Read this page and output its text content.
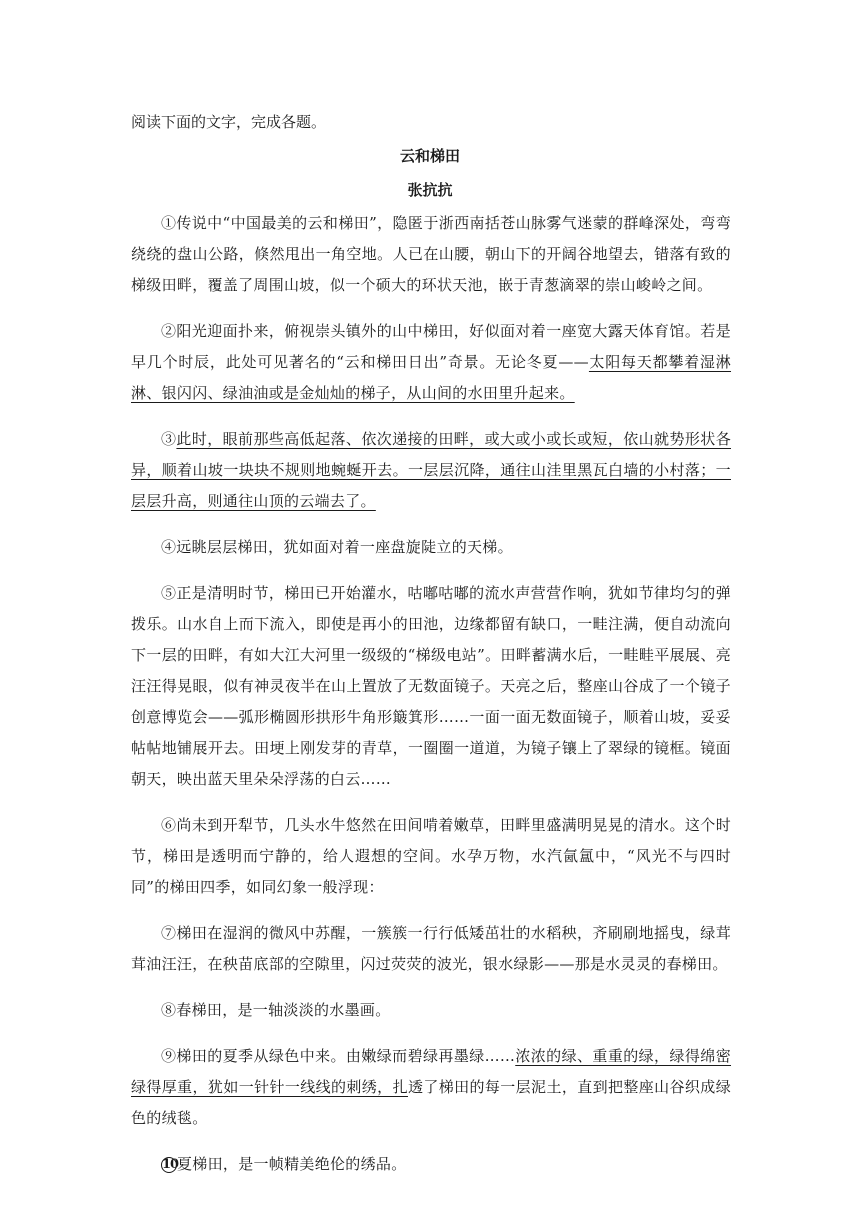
阅读下面的文字，完成各题。
云和梯田
张抗抗

①传说中“中国最美的云和梯田”，隐匿于浙西南括苍山脉雾气迷蒙的群峰深处，弯弯绕绕的盘山公路，倏然甩出一角空地。人已在山腰，朝山下的开阔谷地望去，错落有致的梯级田畔，覆盖了周围山坡，似一个硕大的环状天池，嵌于青葱滴翠的崇山峻岭之间。

②阳光迎面扑来，俯视崇头镇外的山中梯田，好似面对着一座宽大露天体育馆。若是早几个时辰，此处可见著名的“云和梯田日出”奇景。无论冬夏——太阳每天都攀着湿淋淋、银闪闪、绿油油或是金灿灿的梯子，从山间的水田里升起来。

③此时，眼前那些高低起落、依次递接的田畔，或大或小或长或短，依山就势形状各异，顺着山坡一块块不规则地蜿蜒开去。一层层沉降，通往山洼里黑瓦白墙的小村落；一层层升高，则通往山顶的云端去了。

④远眺层层梯田，犹如面对着一座盘旋陡立的天梯。

⑤正是清明时节，梯田已开始灌水，咕嘟咕嘟的流水声营营作响，犹如节律均匀的弹拨乐。山水自上而下流入，即使是再小的田池，边缘都留有缺口，一畦注满，便自动流向下一层的田畔，有如大江大河里一级级的“梯级电站”。田畔蓄满水后，一畦畦平展展、亮汪汪得晃眼，似有神灵夜半在山上置放了无数面镜子。天亮之后，整座山谷成了一个镜子创意博览会——弧形椭圆形拱形牛角形簸箕形……一面一面无数面镜子，顺着山坡，妥妥帖帖地铺展开去。田埂上刚发芽的青草，一圈圈一道道，为镜子镶上了翠绿的镜框。镜面朝天，映出蓝天里朵朵浮荡的白云……

⑥尚未到开犁节，几头水牛悠然在田间啃着嫩草，田畔里盛满明晃晃的清水。这个时节，梯田是透明而宁静的，给人遐想的空间。水孕万物，水汽氤氲中，“风光不与四时同”的梯田四季，如同幻象一般浮现：

⑦梯田在湿润的微风中苏醒，一簇簇一行行低矮茁壮的水稻秧，齐刷刷地摇曳，绿茸茸油汪汪，在秧苗底部的空隙里，闪过荧荧的波光，银水绿影——那是水灵灵的春梯田。

⑧春梯田，是一轴淡淡的水墨画。

⑨梯田的夏季从绿色中来。由嫩绿而碧绿再墨绿……浓浓的绿、重重的绿，绿得绵密绿得厚重，犹如一针针一线线的刺绣，扎透了梯田的每一层泥土，直到把整座山谷织成绿色的绒毯。

10夏梯田，是一帧精美绝伦的绣品。
